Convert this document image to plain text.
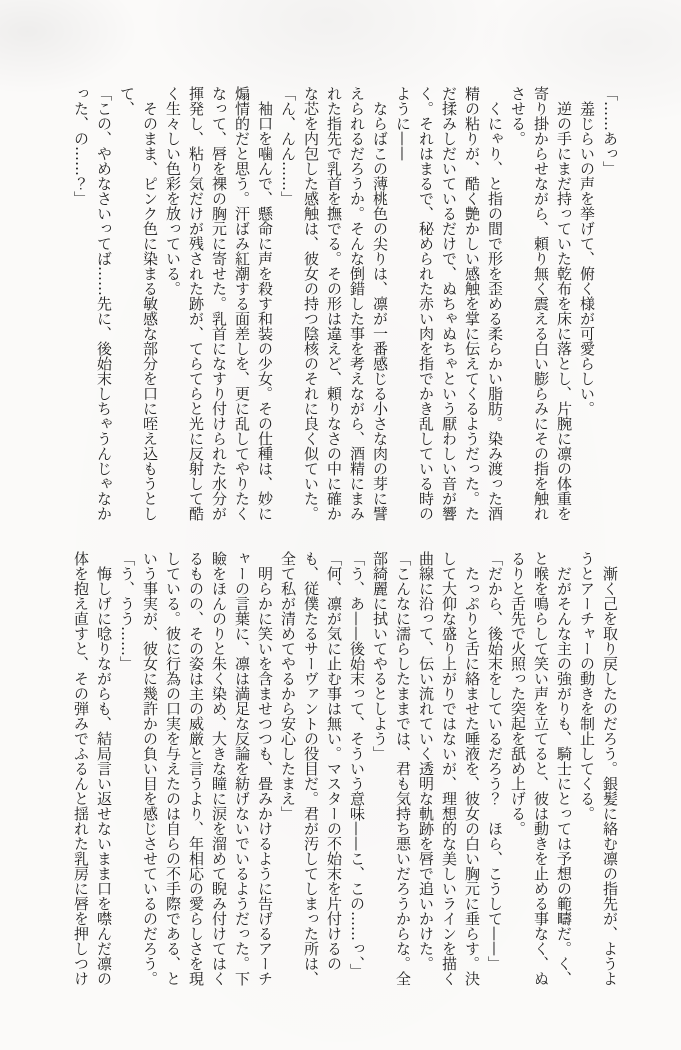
「……あっ」

　羞じらいの声を挙げて、俯く様が可愛らしい。

　逆の手にまだ持っていた乾布を床に落とし、片腕に凛の体重を寄り掛からせながら、頼り無く震える白い膨らみにその指を触れさせる。

　くにゃり、と指の間で形を歪める柔らかい脂肪。染み渡った酒精の粘りが、酷く艶かしい感触を掌に伝えてくるようだった。ただ揉みしだいているだけで、ぬちゃぬちゃという厭わしい音が響く。それはまるで、秘められた赤い肉を指でかき乱している時のように——

　ならばこの薄桃色の尖りは、凛が一番感じる小さな肉の芽に譬えられるだろうか。そんな倒錯した事を考えながら、酒精にまみれた指先で乳首を撫でる。その形は違えど、頼りなさの中に確かな芯を内包した感触は、彼女の持つ陰核のそれに良く似ていた。

「ん、んん……」

　袖口を噛んで、懸命に声を殺す和装の少女。その仕種は、妙に煽情的だと思う。汗ばみ紅潮する面差しを、更に乱してやりたくなって、唇を裸の胸元に寄せた。乳首になすり付けられた水分が揮発し、粘り気だけが残された跡が、てらてらと光に反射して酷く生々しい色彩を放っている。

　そのまま、ピンク色に染まる敏感な部分を口に咥え込もうとして、

「この、やめなさいってば……先に、後始末しちゃうんじゃなかった、の……？」

　漸く己を取り戻したのだろう。銀髪に絡む凛の指先が、ようようとアーチャーの動きを制止してくる。

　だがそんな主の強がりも、騎士にとっては予想の範疇だ。く、と喉を鳴らして笑い声を立てると、彼は動きを止める事なく、ぬるりと舌先で火照った突起を舐め上げる。

「だから、後始末をしているだろう？　ほら、こうして——」

　たっぷりと舌に絡ませた唾液を、彼女の白い胸元に垂らす。決して大仰な盛り上がりではないが、理想的な美しいラインを描く曲線に沿って、伝い流れていく透明な軌跡を唇で追いかけた。

「こんなに濡らしたままでは、君も気持ち悪いだろうからな。全部綺麗に拭いてやるとしよう」

「う、あ——後始末って、そういう意味——こ、この……っ、」

「何、凛が気に止む事は無い。マスターの不始末を片付けるのも、従僕たるサーヴァントの役目だ。君が汚してしまった所は、全て私が清めてやるから安心したまえ」

　明らかに笑いを含ませつつも、畳みかけるように告げるアーチャーの言葉に、凛は満足な反論を紡げないでいるようだった。下瞼をほんのりと朱く染め、大きな瞳に涙を溜めて睨み付けてはくるものの、その姿は主の威厳と言うより、年相応の愛らしさを現している。彼に行為の口実を与えたのは自らの不手際である、という事実が、彼女に幾許かの負い目を感じさせているのだろう。

「う、うう……」

　悔しげに唸りながらも、結局言い返せないまま口を噤んだ凛の体を抱え直すと、その弾みでふるんと揺れた乳房に唇を押しつけ
